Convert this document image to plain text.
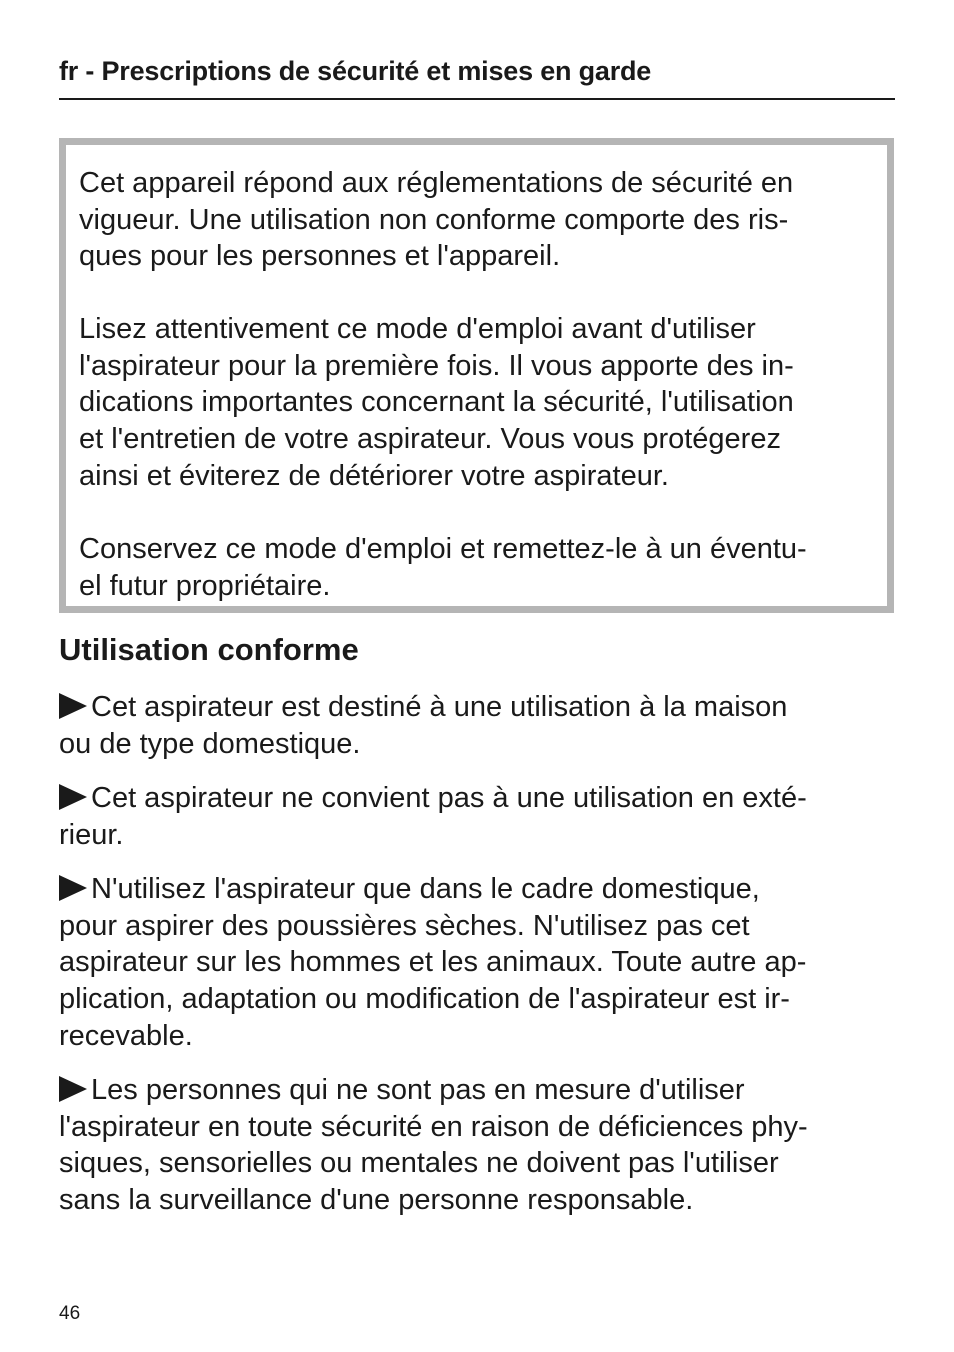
fr - Prescriptions de sécurité et mises en garde

Cet appareil répond aux réglementations de sécurité en
vigueur. Une utilisation non conforme comporte des ris-
ques pour les personnes et l'appareil.

Lisez attentivement ce mode d'emploi avant d'utiliser
l'aspirateur pour la première fois. Il vous apporte des in-
dications importantes concernant la sécurité, l'utilisation
et l'entretien de votre aspirateur. Vous vous protégerez
ainsi et éviterez de détériorer votre aspirateur.

Conservez ce mode d'emploi et remettez-le à un éventu-
el futur propriétaire.

Utilisation conforme

Cet aspirateur est destiné à une utilisation à la maison
ou de type domestique.

Cet aspirateur ne convient pas à une utilisation en exté-
rieur.

N'utilisez l'aspirateur que dans le cadre domestique,
pour aspirer des poussières sèches. N'utilisez pas cet
aspirateur sur les hommes et les animaux. Toute autre ap-
plication, adaptation ou modification de l'aspirateur est ir-
recevable.

Les personnes qui ne sont pas en mesure d'utiliser
l'aspirateur en toute sécurité en raison de déficiences phy-
siques, sensorielles ou mentales ne doivent pas l'utiliser
sans la surveillance d'une personne responsable.

46
